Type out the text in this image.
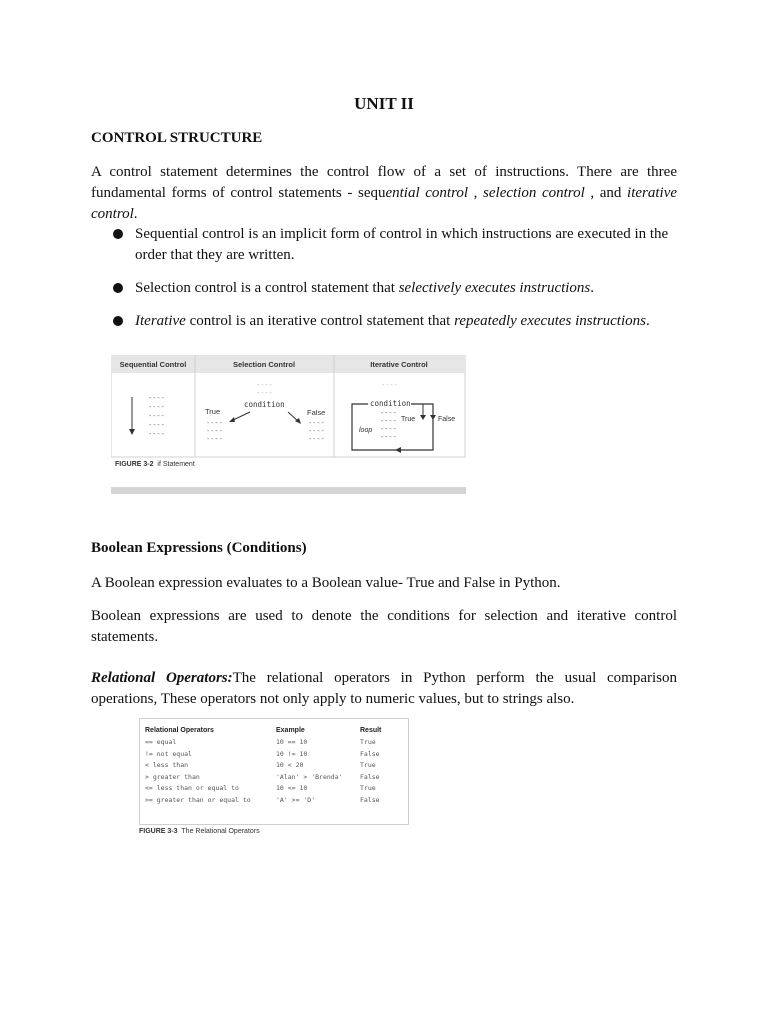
UNIT II
CONTROL STRUCTURE
A control statement determines the control flow of a set of instructions. There are three fundamental forms of control statements - sequential control , selection control , and iterative control.
Sequential control is an implicit form of control in which instructions are executed in the order that they are written.
Selection control is a control statement that selectively executes instructions.
Iterative control is an iterative control statement that repeatedly executes instructions.
Sequential Control	Selection Control	Iterative Control
----
----
----
----
----
----
----
condition
True	False
----
----
----
----
----
----
----
condition
True	False
loop
----
----
----
----
FIGURE 3-2 if Statement
Boolean Expressions (Conditions)
A Boolean expression evaluates to a Boolean value- True and False in Python.
Boolean expressions are used to denote the conditions for selection and iterative control statements.
Relational Operators:The relational operators in Python perform the usual comparison operations, These operators not only apply to numeric values, but to strings also.
Relational Operators	Example	Result
== equal	10 == 10	True
!= not equal	10 != 10	False
< less than	10 < 20	True
> greater than	'Alan' > 'Brenda'	False
<= less than or equal to	10 <= 10	True
>= greater than or equal to	'A' >= 'D'	False
FIGURE 3-3 The Relational Operators
